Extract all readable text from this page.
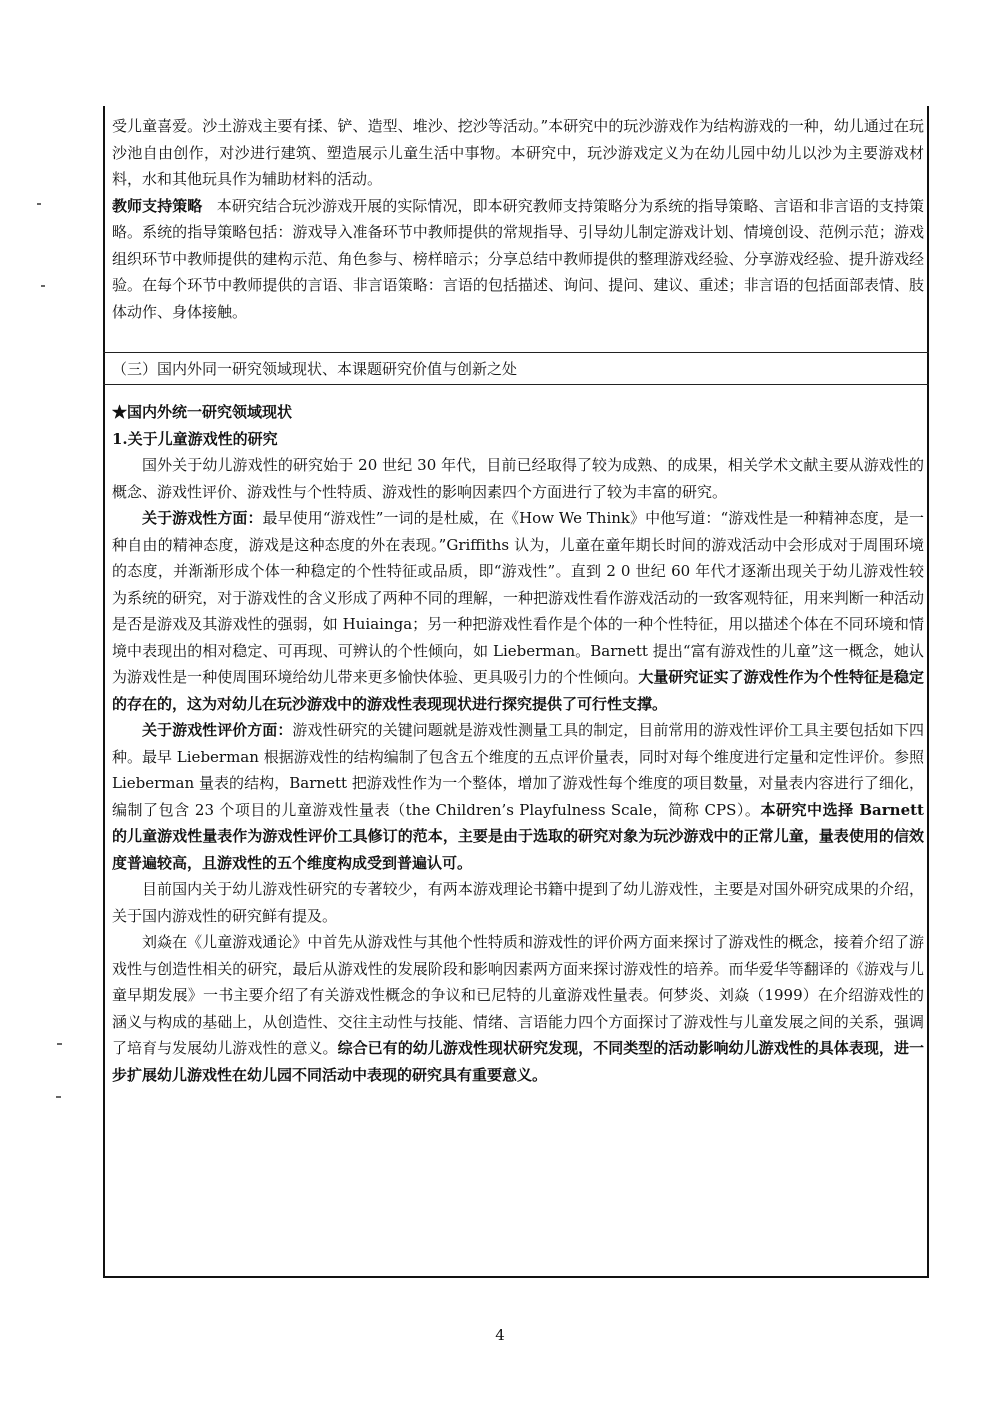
受儿童喜爱。沙土游戏主要有揉、铲、造型、堆沙、挖沙等活动。”本研究中的玩沙游戏作为结构游戏的一种，幼儿通过在玩沙池自由创作，对沙进行建筑、塑造展示儿童生活中事物。本研究中，玩沙游戏定义为在幼儿园中幼儿以沙为主要游戏材料，水和其他玩具作为辅助材料的活动。

教师支持策略 本研究结合玩沙游戏开展的实际情况，即本研究教师支持策略分为系统的指导策略、言语和非言语的支持策略。系统的指导策略包括：游戏导入准备环节中教师提供的常规指导、引导幼儿制定游戏计划、情境创设、范例示范；游戏组织环节中教师提供的建构示范、角色参与、榜样暗示；分享总结中教师提供的整理游戏经验、分享游戏经验、提升游戏经验。在每个环节中教师提供的言语、非言语策略：言语的包括描述、询问、提问、建议、重述；非言语的包括面部表情、肢体动作、身体接触。

（三）国内外同一研究领域现状、本课题研究价值与创新之处

★国内外统一研究领域现状

1.关于儿童游戏性的研究

国外关于幼儿游戏性的研究始于 20 世纪 30 年代，目前已经取得了较为成熟、的成果，相关学术文献主要从游戏性的概念、游戏性评价、游戏性与个性特质、游戏性的影响因素四个方面进行了较为丰富的研究。

关于游戏性方面：最早使用“游戏性”一词的是杜威，在《How We Think》中他写道：“游戏性是一种精神态度，是一种自由的精神态度，游戏是这种态度的外在表现。”Griffiths 认为，儿童在童年期长时间的游戏活动中会形成对于周围环境的态度，并渐渐形成个体一种稳定的个性特征或品质，即“游戏性”。直到 2 0 世纪 60 年代才逐渐出现关于幼儿游戏性较为系统的研究，对于游戏性的含义形成了两种不同的理解，一种把游戏性看作游戏活动的一致客观特征，用来判断一种活动是否是游戏及其游戏性的强弱，如 Huiainga；另一种把游戏性看作是个体的一种个性特征，用以描述个体在不同环境和情境中表现出的相对稳定、可再现、可辨认的个性倾向，如 Lieberman。Barnett 提出“富有游戏性的儿童”这一概念，她认为游戏性是一种使周围环境给幼儿带来更多愉快体验、更具吸引力的个性倾向。大量研究证实了游戏性作为个性特征是稳定的存在的，这为对幼儿在玩沙游戏中的游戏性表现现状进行探究提供了可行性支撑。

关于游戏性评价方面：游戏性研究的关键问题就是游戏性测量工具的制定，目前常用的游戏性评价工具主要包括如下四种。最早 Lieberman 根据游戏性的结构编制了包含五个维度的五点评价量表，同时对每个维度进行定量和定性评价。参照 Lieberman 量表的结构，Barnett 把游戏性作为一个整体，增加了游戏性每个维度的项目数量，对量表内容进行了细化，编制了包含 23 个项目的儿童游戏性量表（the Children’s Playfulness Scale，简称 CPS）。本研究中选择 Barnett 的儿童游戏性量表作为游戏性评价工具修订的范本，主要是由于选取的研究对象为玩沙游戏中的正常儿童，量表使用的信效度普遍较高，且游戏性的五个维度构成受到普遍认可。

目前国内关于幼儿游戏性研究的专著较少，有两本游戏理论书籍中提到了幼儿游戏性，主要是对国外研究成果的介绍，关于国内游戏性的研究鲜有提及。

刘焱在《儿童游戏通论》中首先从游戏性与其他个性特质和游戏性的评价两方面来探讨了游戏性的概念，接着介绍了游戏性与创造性相关的研究，最后从游戏性的发展阶段和影响因素两方面来探讨游戏性的培养。而华爱华等翻译的《游戏与儿童早期发展》一书主要介绍了有关游戏性概念的争议和已尼特的儿童游戏性量表。何梦炎、刘焱（1999）在介绍游戏性的涵义与构成的基础上，从创造性、交往主动性与技能、情绪、言语能力四个方面探讨了游戏性与儿童发展之间的关系，强调了培育与发展幼儿游戏性的意义。综合已有的幼儿游戏性现状研究发现，不同类型的活动影响幼儿游戏性的具体表现，进一步扩展幼儿游戏性在幼儿园不同活动中表现的研究具有重要意义。

4
